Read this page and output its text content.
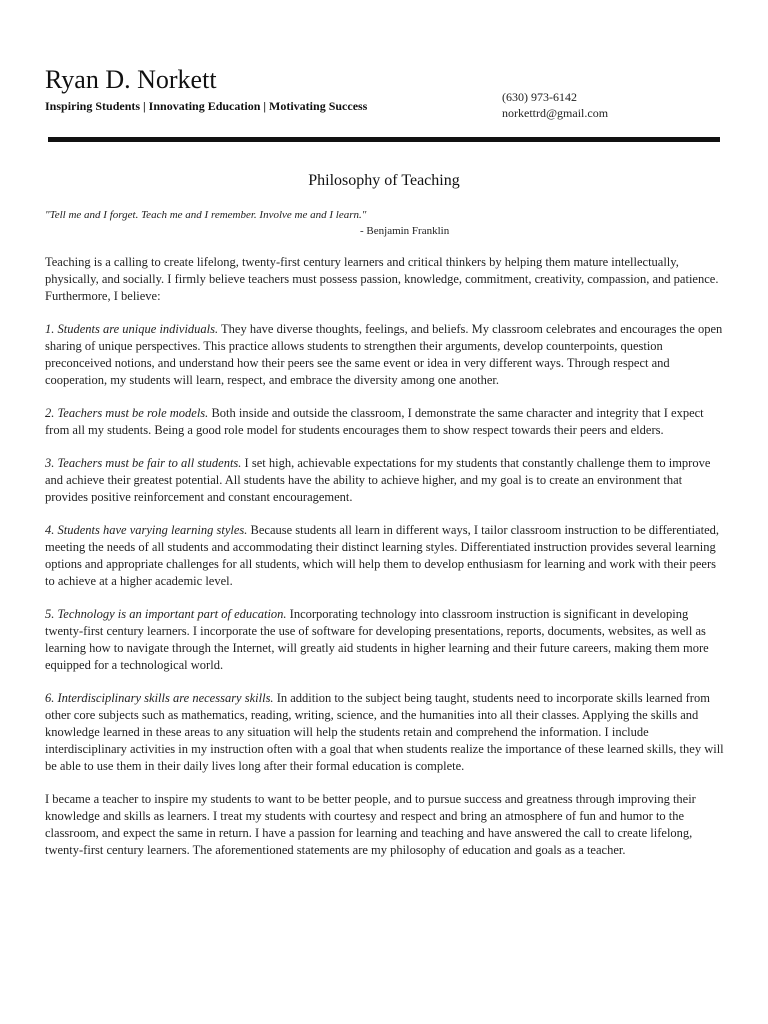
Ryan D. Norkett
Inspiring Students | Innovating Education | Motivating Success
(630) 973-6142
norkettrd@gmail.com
Philosophy of Teaching
"Tell me and I forget. Teach me and I remember. Involve me and I learn."
- Benjamin Franklin

Teaching is a calling to create lifelong, twenty-first century learners and critical thinkers by helping them mature intellectually, physically, and socially. I firmly believe teachers must possess passion, knowledge, commitment, creativity, compassion, and patience. Furthermore, I believe:

1. Students are unique individuals. They have diverse thoughts, feelings, and beliefs. My classroom celebrates and encourages the open sharing of unique perspectives. This practice allows students to strengthen their arguments, develop counterpoints, question preconceived notions, and understand how their peers see the same event or idea in very different ways. Through respect and cooperation, my students will learn, respect, and embrace the diversity among one another.

2. Teachers must be role models. Both inside and outside the classroom, I demonstrate the same character and integrity that I expect from all my students. Being a good role model for students encourages them to show respect towards their peers and elders.

3. Teachers must be fair to all students. I set high, achievable expectations for my students that constantly challenge them to improve and achieve their greatest potential. All students have the ability to achieve higher, and my goal is to create an environment that provides positive reinforcement and constant encouragement.

4. Students have varying learning styles. Because students all learn in different ways, I tailor classroom instruction to be differentiated, meeting the needs of all students and accommodating their distinct learning styles. Differentiated instruction provides several learning options and appropriate challenges for all students, which will help them to develop enthusiasm for learning and work with their peers to achieve at a higher academic level.

5. Technology is an important part of education. Incorporating technology into classroom instruction is significant in developing twenty-first century learners. I incorporate the use of software for developing presentations, reports, documents, websites, as well as learning how to navigate through the Internet, will greatly aid students in higher learning and their future careers, making them more equipped for a technological world.

6. Interdisciplinary skills are necessary skills. In addition to the subject being taught, students need to incorporate skills learned from other core subjects such as mathematics, reading, writing, science, and the humanities into all their classes. Applying the skills and knowledge learned in these areas to any situation will help the students retain and comprehend the information. I include interdisciplinary activities in my instruction often with a goal that when students realize the importance of these learned skills, they will be able to use them in their daily lives long after their formal education is complete.

I became a teacher to inspire my students to want to be better people, and to pursue success and greatness through improving their knowledge and skills as learners. I treat my students with courtesy and respect and bring an atmosphere of fun and humor to the classroom, and expect the same in return. I have a passion for learning and teaching and have answered the call to create lifelong, twenty-first century learners. The aforementioned statements are my philosophy of education and goals as a teacher.
